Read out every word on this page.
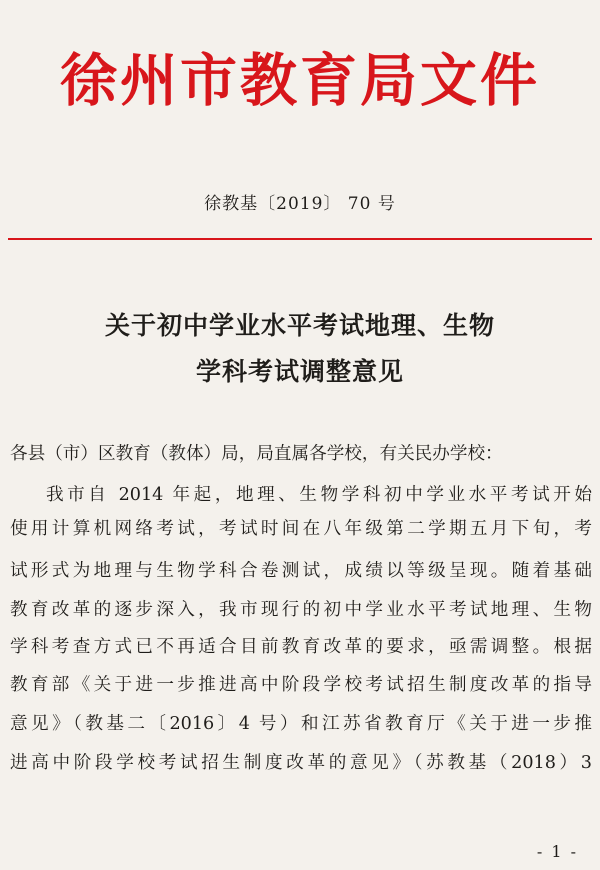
徐州市教育局文件
徐教基〔2019〕 70 号
关于初中学业水平考试地理、生物
学科考试调整意见
各县（市）区教育（教体）局，局直属各学校，有关民办学校：
我市自 2014 年起，地理、生物学科初中学业水平考试开始
使用计算机网络考试，考试时间在八年级第二学期五月下旬，考
试形式为地理与生物学科合卷测试，成绩以等级呈现。随着基础
教育改革的逐步深入，我市现行的初中学业水平考试地理、生物
学科考查方式已不再适合目前教育改革的要求，亟需调整。根据
教育部《关于进一步推进高中阶段学校考试招生制度改革的指导
意见》（教基二〔2016〕4 号）和江苏省教育厅《关于进一步推
进高中阶段学校考试招生制度改革的意见》（苏教基（2018）3
- 1 -
